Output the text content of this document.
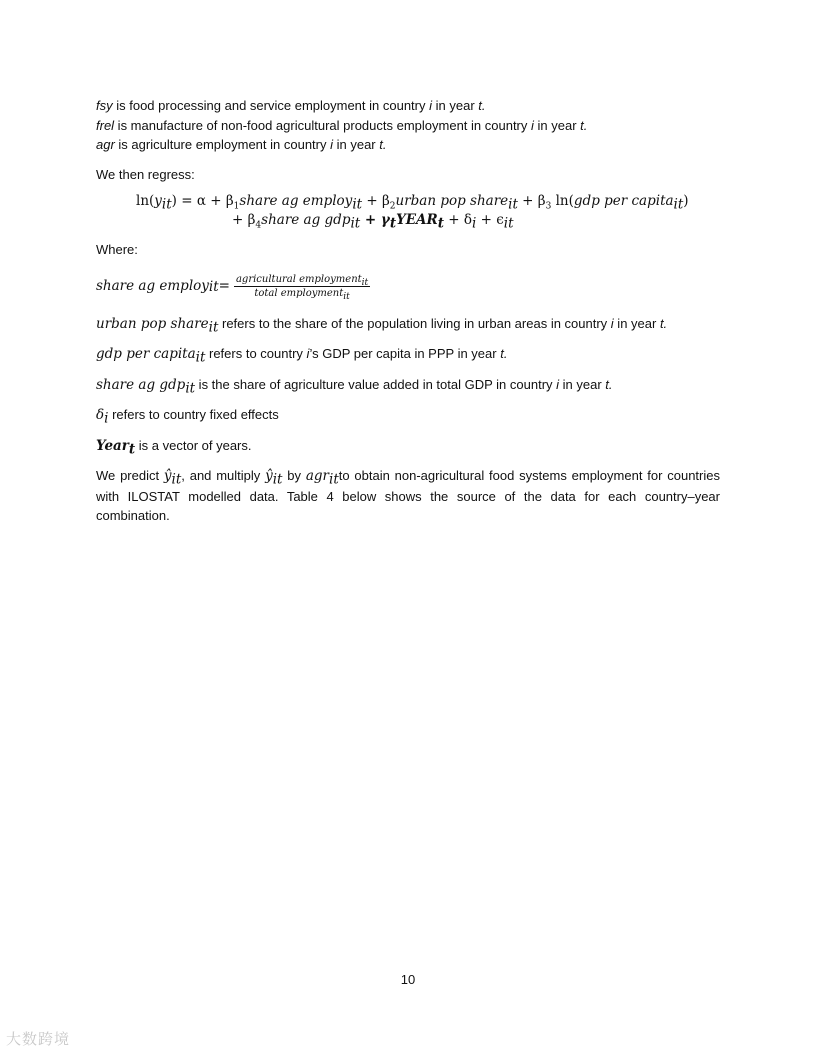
fsy is food processing and service employment in country i in year t.

frel is manufacture of non-food agricultural products employment in country i in year t.

agr is agriculture employment in country i in year t.

We then regress:

$\ln(y_{it}) = \alpha$ + $\beta_1share$ ag employ$_{it}$ + $\beta_2urban$ pop share$_{it}$ + $\beta_3$ ln(gdp per capita$_{it}$)
+ $\beta_4share$ ag $gdp_{it} + \gamma_tYEAR_t + \delta_i + \epsilon_{it}$

Where:

share ag employ it = $\frac{agricultural employment_{it}}{total employment_{it}}$

urban pop share$_{it}$ refers to the share of the population living in urban areas in country i in year t.

gdp per capita$_{it}$ refers to country i’s GDP per capita in PPP in year t.

share ag gdp$_{it}$ is the share of agriculture value added in total GDP in country i in year t.

$\delta_i$ refers to country fixed effects

Year$_t$ is a vector of years.

We predict $ŷ_{it}$, and multiply $ŷ_{it}$ by agr$_{it}$to obtain non-agricultural food systems employment for countries with ILOSTAT modelled data. Table 4 below shows the source of the data for each country–year combination.

10
大数跨境
